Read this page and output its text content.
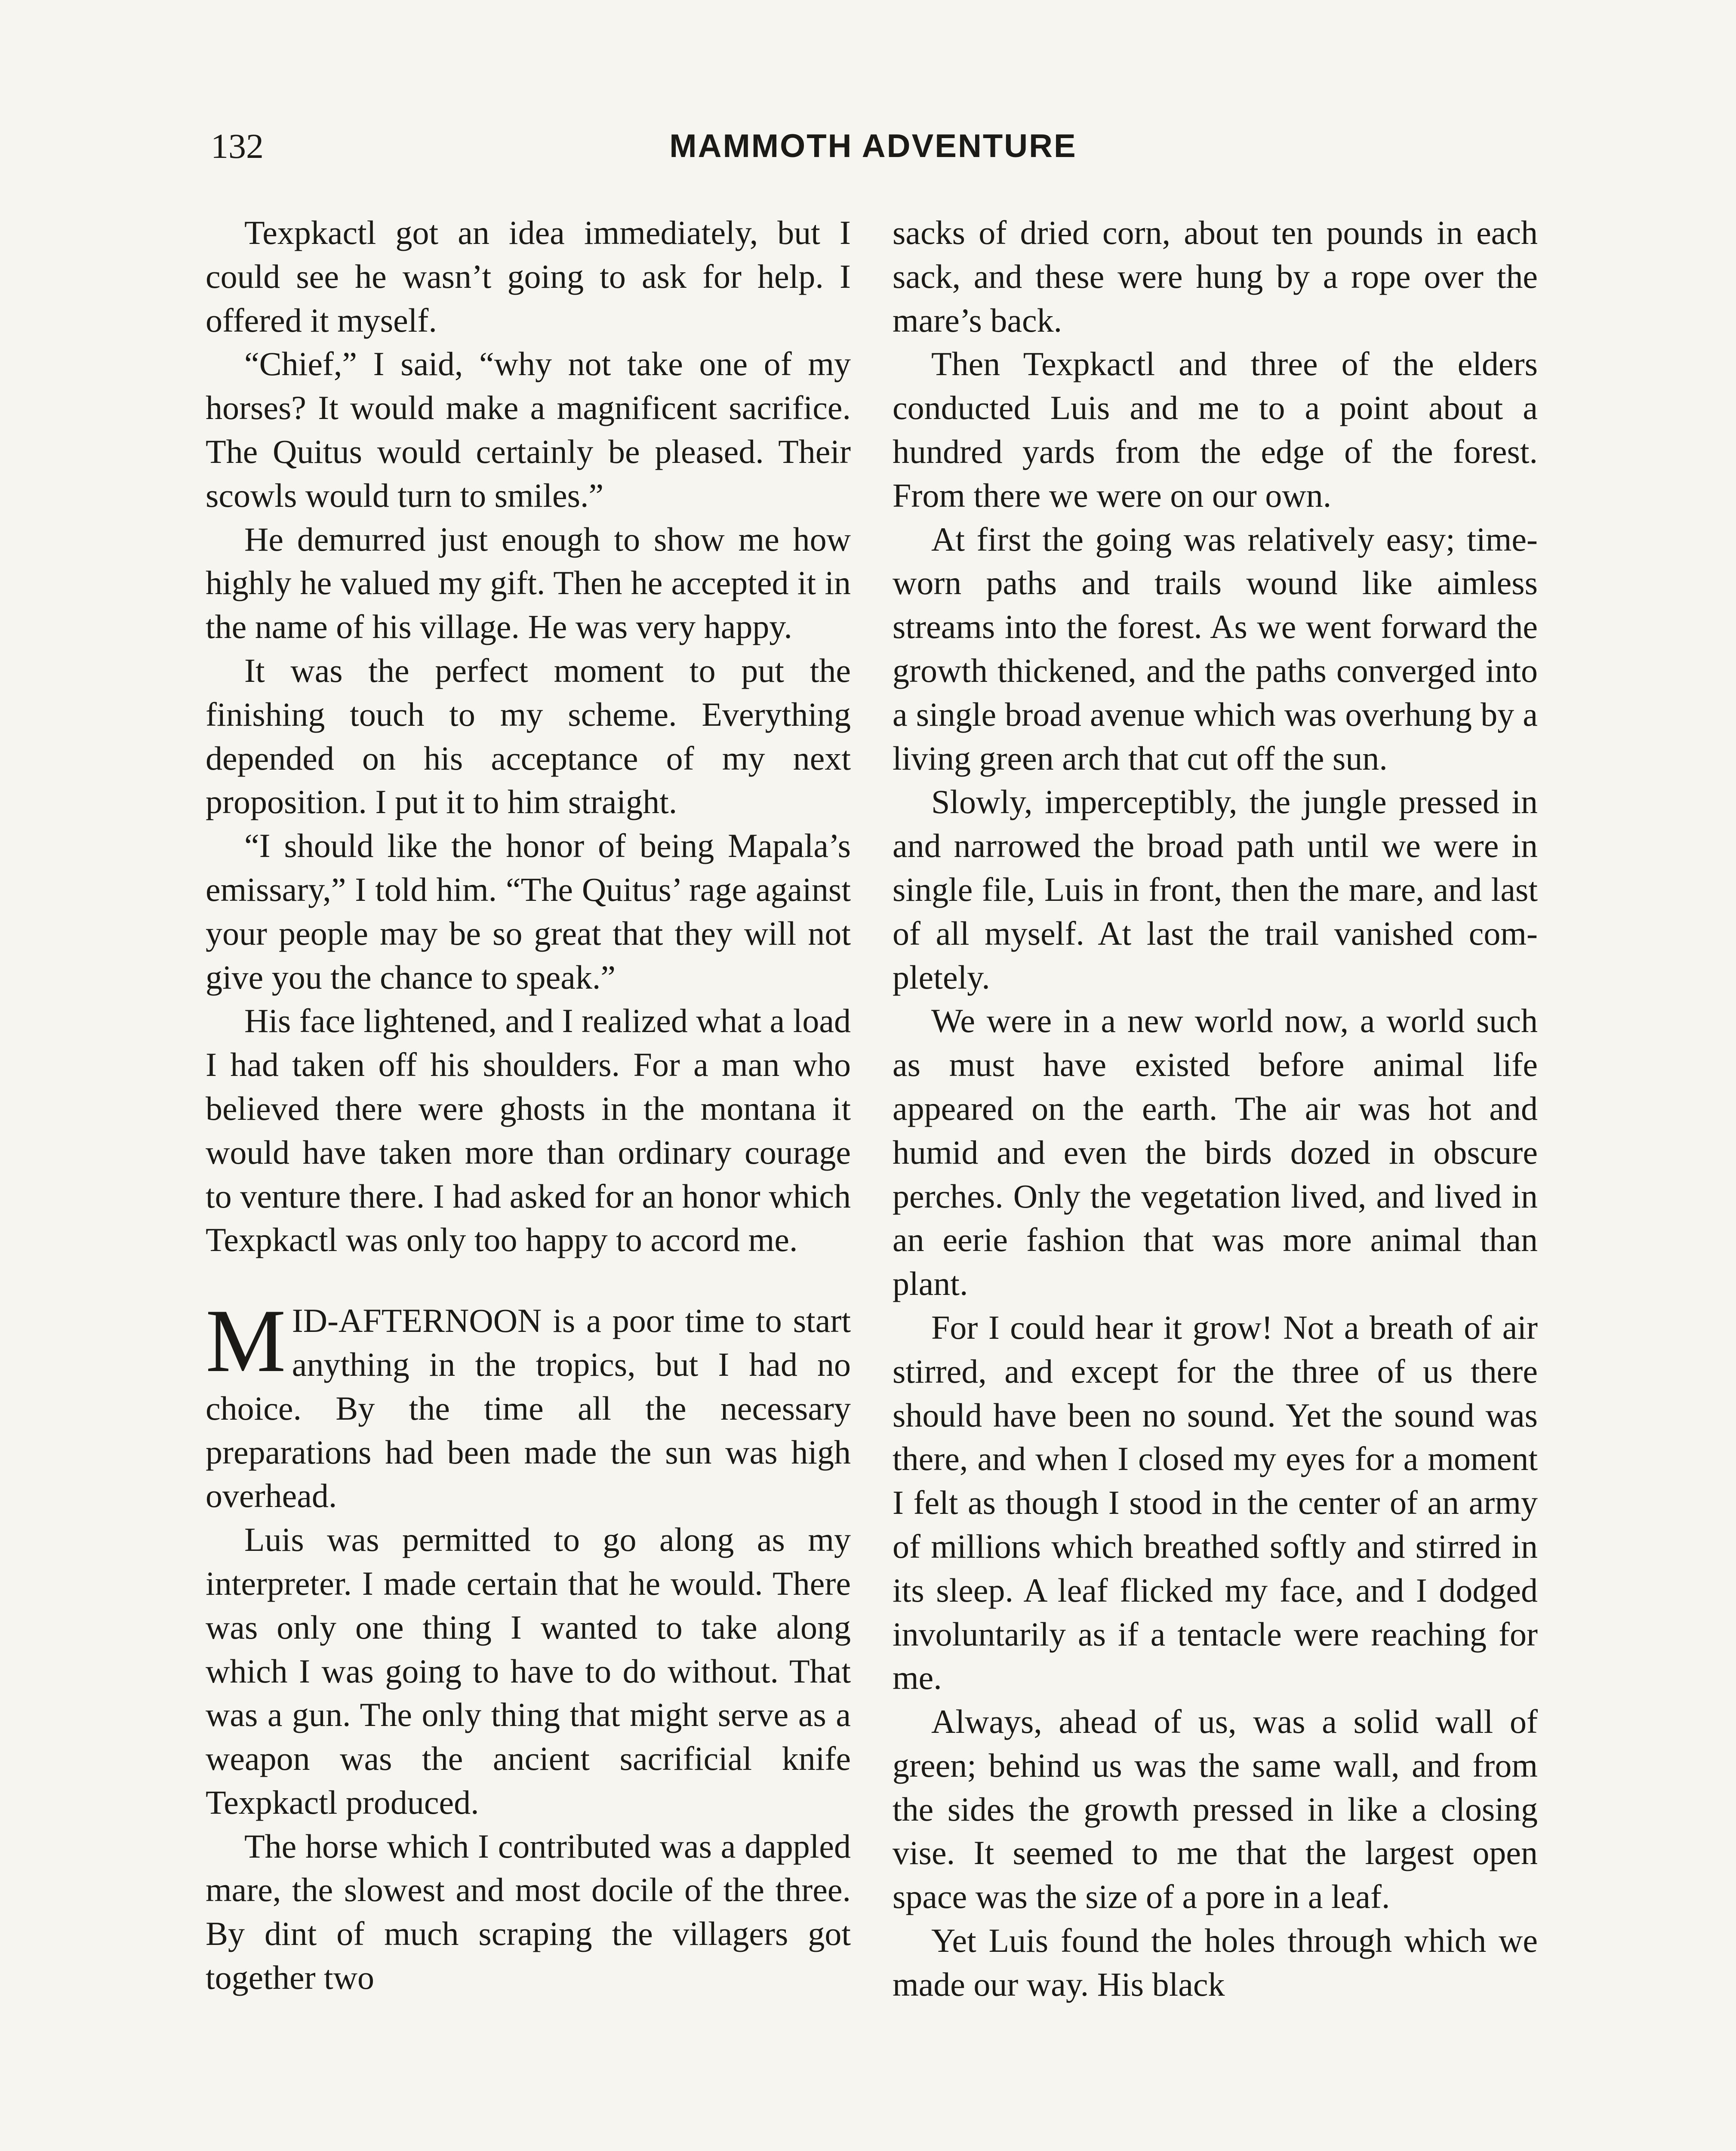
132	MAMMOTH ADVENTURE

Texpkactl got an idea immediately, but I could see he wasn’t going to ask for help. I offered it myself.

“Chief,” I said, “why not take one of my horses? It would make a magnificent sacrifice. The Quitus would certainly be pleased. Their scowls would turn to smiles.”

He demurred just enough to show me how highly he valued my gift. Then he accepted it in the name of his village. He was very happy.

It was the perfect moment to put the finishing touch to my scheme. Everything depended on his acceptance of my next proposition. I put it to him straight.

“I should like the honor of being Mapala’s emissary,” I told him. “The Quitus’ rage against your people may be so great that they will not give you the chance to speak.”

His face lightened, and I realized what a load I had taken off his shoulders. For a man who believed there were ghosts in the montana it would have taken more than ordinary courage to venture there. I had asked for an honor which Texpkactl was only too happy to accord me.

MID-AFTERNOON is a poor time to start anything in the tropics, but I had no choice. By the time all the necessary preparations had been made the sun was high overhead.

Luis was permitted to go along as my interpreter. I made certain that he would. There was only one thing I wanted to take along which I was going to have to do without. That was a gun. The only thing that might serve as a weapon was the ancient sacrificial knife Texpkactl produced.

The horse which I contributed was a dappled mare, the slowest and most docile of the three. By dint of much scraping the villagers got together two

sacks of dried corn, about ten pounds in each sack, and these were hung by a rope over the mare’s back.

Then Texpkactl and three of the elders conducted Luis and me to a point about a hundred yards from the edge of the forest. From there we were on our own.

At first the going was relatively easy; time-worn paths and trails wound like aimless streams into the forest. As we went forward the growth thickened, and the paths converged into a single broad avenue which was overhung by a living green arch that cut off the sun.

Slowly, imperceptibly, the jungle pressed in and narrowed the broad path until we were in single file, Luis in front, then the mare, and last of all myself. At last the trail vanished completely.

We were in a new world now, a world such as must have existed before animal life appeared on the earth. The air was hot and humid and even the birds dozed in obscure perches. Only the vegetation lived, and lived in an eerie fashion that was more animal than plant.

For I could hear it grow! Not a breath of air stirred, and except for the three of us there should have been no sound. Yet the sound was there, and when I closed my eyes for a moment I felt as though I stood in the center of an army of millions which breathed softly and stirred in its sleep. A leaf flicked my face, and I dodged involuntarily as if a tentacle were reaching for me.

Always, ahead of us, was a solid wall of green; behind us was the same wall, and from the sides the growth pressed in like a closing vise. It seemed to me that the largest open space was the size of a pore in a leaf.

Yet Luis found the holes through which we made our way. His black
